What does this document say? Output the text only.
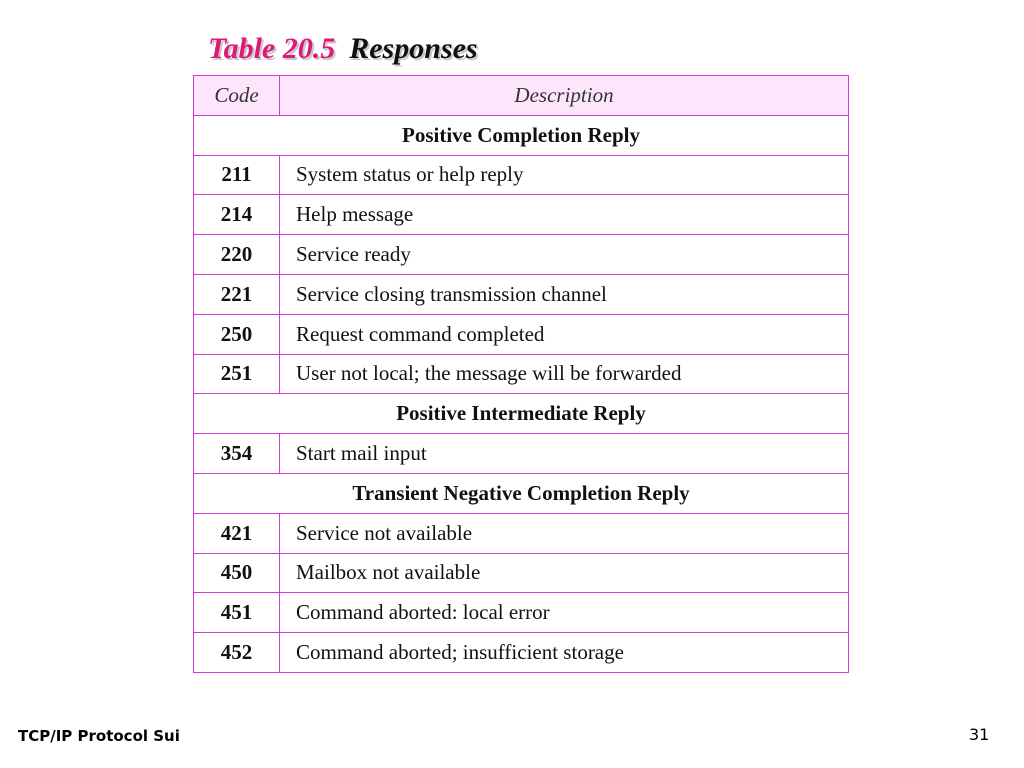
Table 20.5 Responses
Code	Description
Positive Completion Reply	
211	System status or help reply
214	Help message
220	Service ready
221	Service closing transmission channel
250	Request command completed
251	User not local; the message will be forwarded
Positive Intermediate Reply	
354	Start mail input
Transient Negative Completion Reply	
421	Service not available
450	Mailbox not available
451	Command aborted: local error
452	Command aborted; insufficient storage
TCP/IP Protocol Sui	31
